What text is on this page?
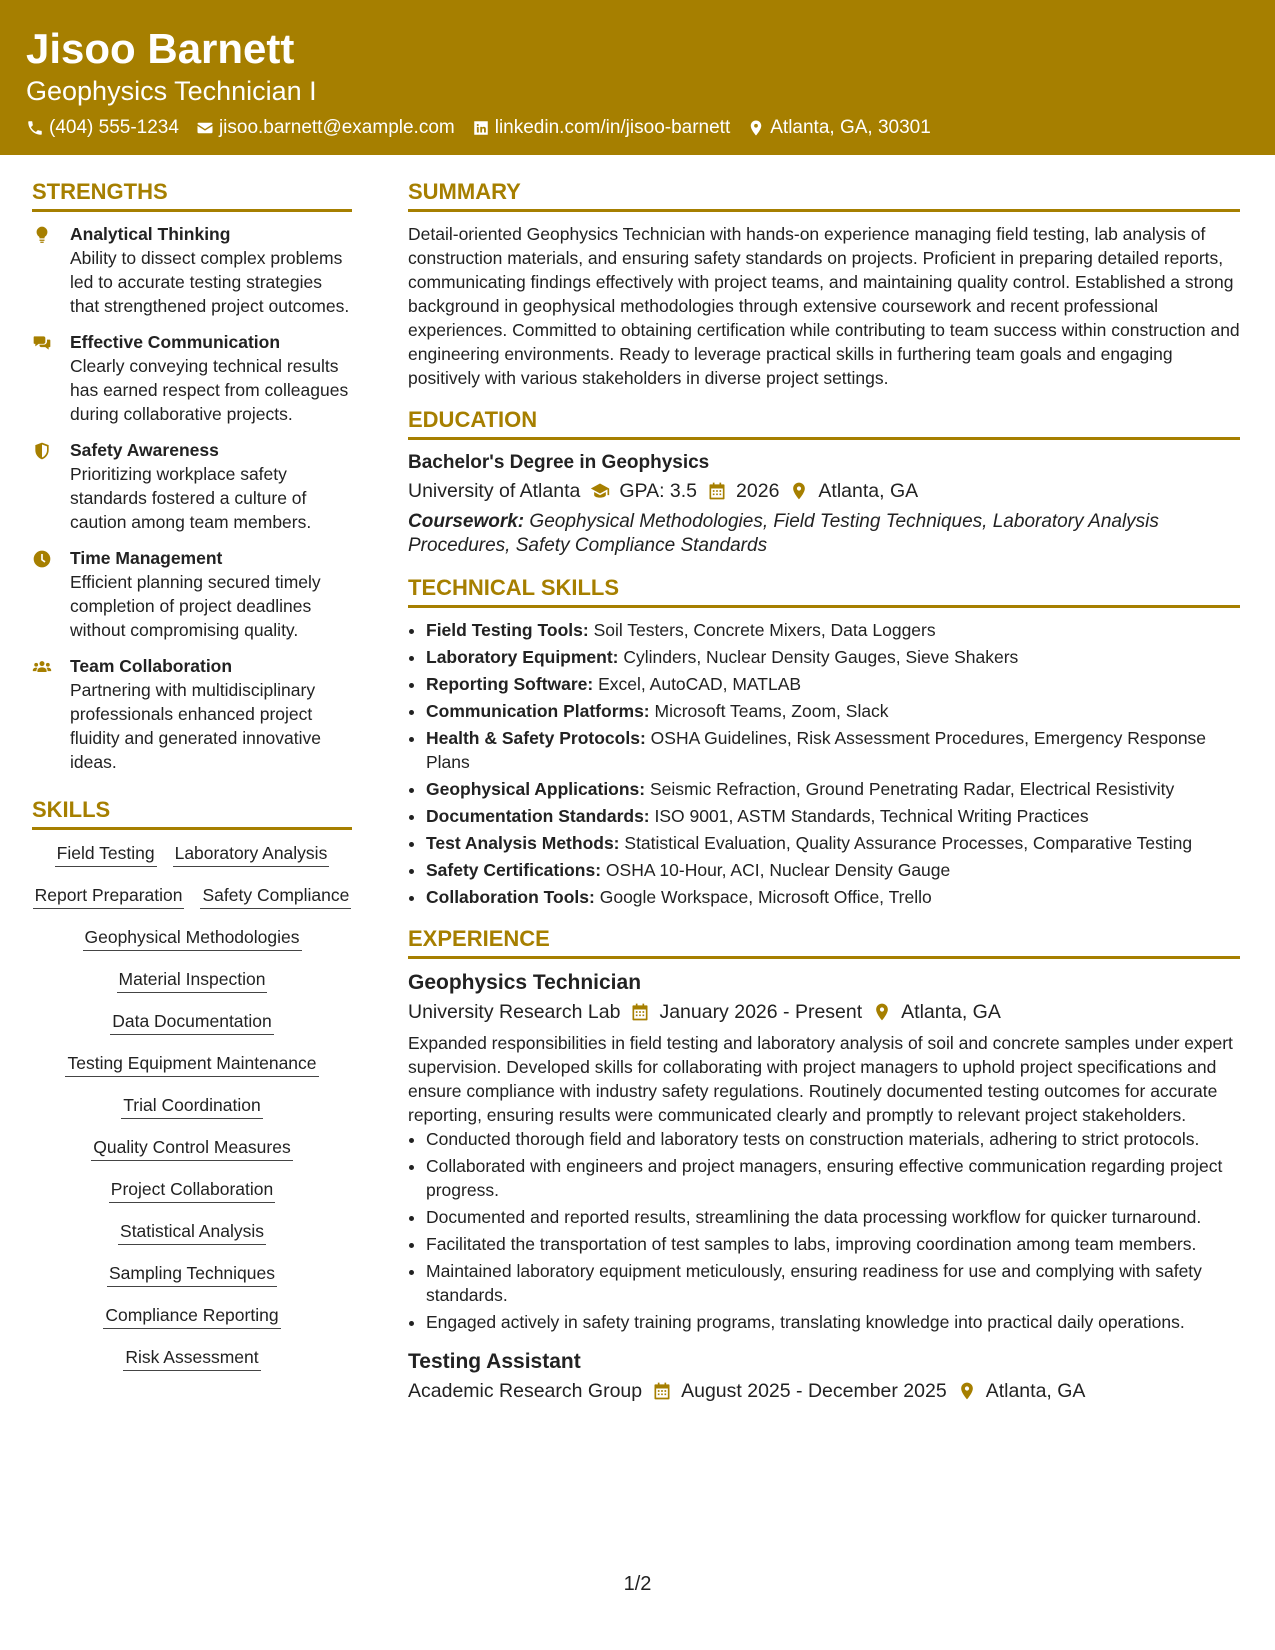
Jisoo Barnett
Geophysics Technician I
(404) 555-1234 jisoo.barnett@example.com linkedin.com/in/jisoo-barnett Atlanta, GA, 30301
STRENGTHS
Analytical Thinking
Ability to dissect complex problems led to accurate testing strategies that strengthened project outcomes.
Effective Communication
Clearly conveying technical results has earned respect from colleagues during collaborative projects.
Safety Awareness
Prioritizing workplace safety standards fostered a culture of caution among team members.
Time Management
Efficient planning secured timely completion of project deadlines without compromising quality.
Team Collaboration
Partnering with multidisciplinary professionals enhanced project fluidity and generated innovative ideas.
SKILLS
Field Testing Laboratory Analysis
Report Preparation Safety Compliance
Geophysical Methodologies
Material Inspection
Data Documentation
Testing Equipment Maintenance
Trial Coordination
Quality Control Measures
Project Collaboration
Statistical Analysis
Sampling Techniques
Compliance Reporting
Risk Assessment
SUMMARY
Detail-oriented Geophysics Technician with hands-on experience managing field testing, lab analysis of construction materials, and ensuring safety standards on projects. Proficient in preparing detailed reports, communicating findings effectively with project teams, and maintaining quality control. Established a strong background in geophysical methodologies through extensive coursework and recent professional experiences. Committed to obtaining certification while contributing to team success within construction and engineering environments. Ready to leverage practical skills in furthering team goals and engaging positively with various stakeholders in diverse project settings.
EDUCATION
Bachelor's Degree in Geophysics
University of Atlanta GPA: 3.5 2026 Atlanta, GA
Coursework: Geophysical Methodologies, Field Testing Techniques, Laboratory Analysis Procedures, Safety Compliance Standards
TECHNICAL SKILLS
• Field Testing Tools: Soil Testers, Concrete Mixers, Data Loggers
• Laboratory Equipment: Cylinders, Nuclear Density Gauges, Sieve Shakers
• Reporting Software: Excel, AutoCAD, MATLAB
• Communication Platforms: Microsoft Teams, Zoom, Slack
• Health & Safety Protocols: OSHA Guidelines, Risk Assessment Procedures, Emergency Response Plans
• Geophysical Applications: Seismic Refraction, Ground Penetrating Radar, Electrical Resistivity
• Documentation Standards: ISO 9001, ASTM Standards, Technical Writing Practices
• Test Analysis Methods: Statistical Evaluation, Quality Assurance Processes, Comparative Testing
• Safety Certifications: OSHA 10-Hour, ACI, Nuclear Density Gauge
• Collaboration Tools: Google Workspace, Microsoft Office, Trello
EXPERIENCE
Geophysics Technician
University Research Lab January 2026 - Present Atlanta, GA
Expanded responsibilities in field testing and laboratory analysis of soil and concrete samples under expert supervision. Developed skills for collaborating with project managers to uphold project specifications and ensure compliance with industry safety regulations. Routinely documented testing outcomes for accurate reporting, ensuring results were communicated clearly and promptly to relevant project stakeholders.
• Conducted thorough field and laboratory tests on construction materials, adhering to strict protocols.
• Collaborated with engineers and project managers, ensuring effective communication regarding project progress.
• Documented and reported results, streamlining the data processing workflow for quicker turnaround.
• Facilitated the transportation of test samples to labs, improving coordination among team members.
• Maintained laboratory equipment meticulously, ensuring readiness for use and complying with safety standards.
• Engaged actively in safety training programs, translating knowledge into practical daily operations.
Testing Assistant
Academic Research Group August 2025 - December 2025 Atlanta, GA
1/2
